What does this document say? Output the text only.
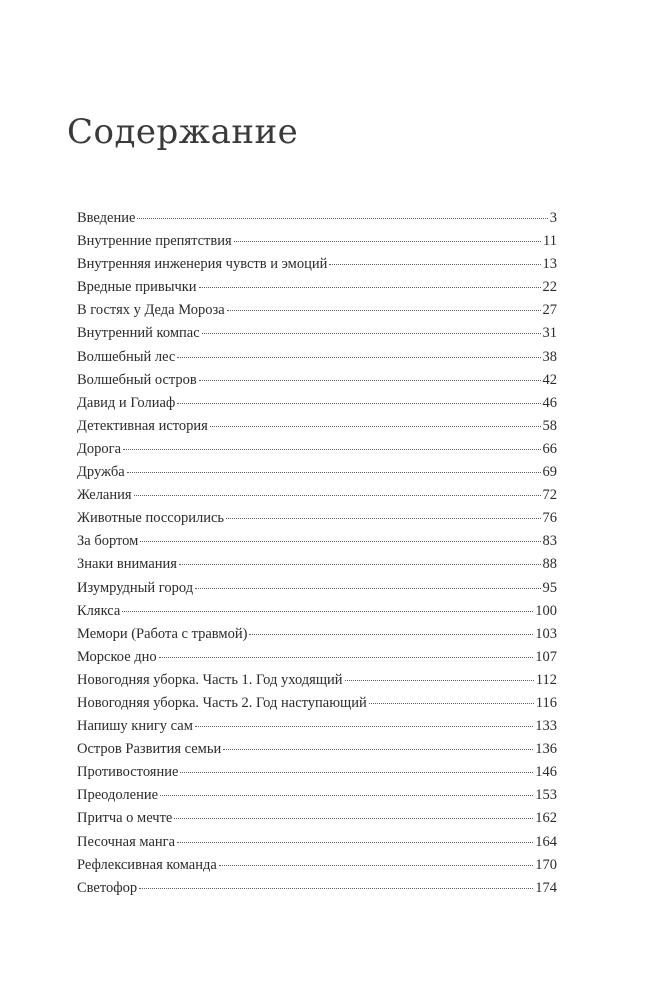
Содержание
Введение	3
Внутренние препятствия	11
Внутренняя инженерия чувств и эмоций	13
Вредные привычки	22
В гостях у Деда Мороза	27
Внутренний компас	31
Волшебный лес	38
Волшебный остров	42
Давид и Голиаф	46
Детективная история	58
Дорога	66
Дружба	69
Желания	72
Животные поссорились	76
За бортом	83
Знаки внимания	88
Изумрудный город	95
Клякса	100
Мемори (Работа с травмой)	103
Морское дно	107
Новогодняя уборка. Часть 1. Год уходящий	112
Новогодняя уборка. Часть 2. Год наступающий	116
Напишу книгу сам	133
Остров Развития семьи	136
Противостояние	146
Преодоление	153
Притча о мечте	162
Песочная манга	164
Рефлексивная команда	170
Светофор	174
